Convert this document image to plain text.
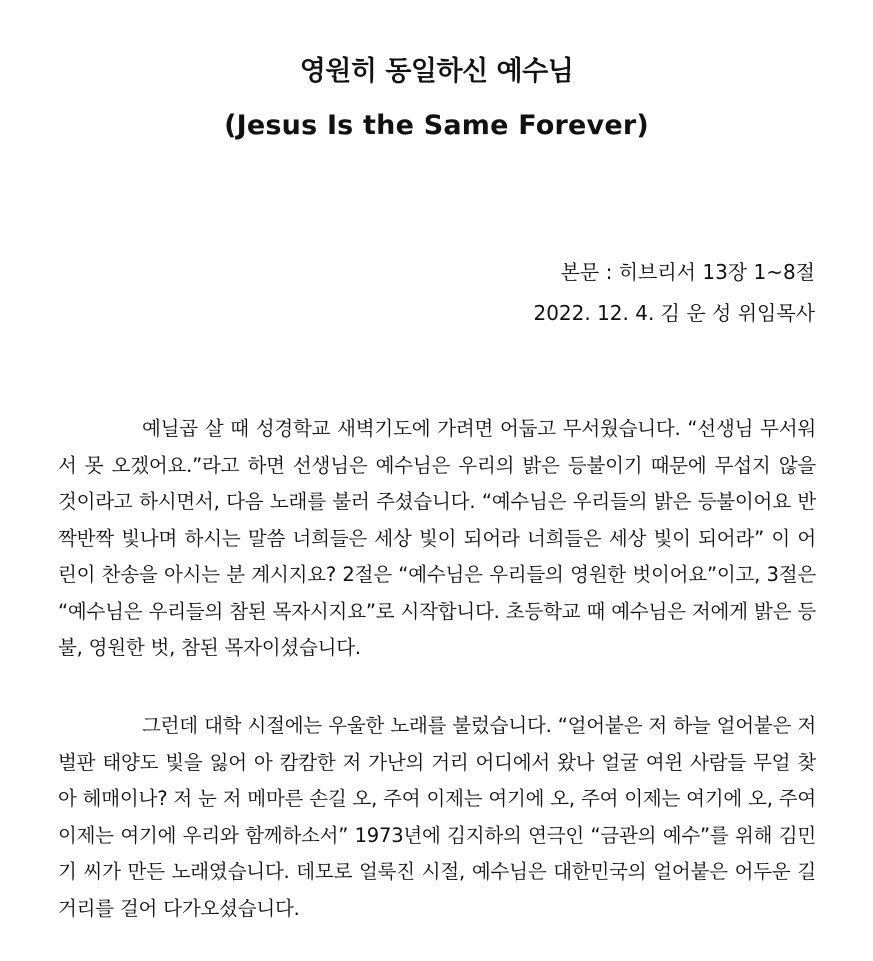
영원히 동일하신 예수님
(Jesus Is the Same Forever)
본문 : 히브리서 13장 1~8절
2022. 12. 4. 김 운 성 위임목사

예닐곱 살 때 성경학교 새벽기도에 가려면 어둡고 무서웠습니다. “선생님 무서워서 못 오겠어요.”라고 하면 선생님은 예수님은 우리의 밝은 등불이기 때문에 무섭지 않을 것이라고 하시면서, 다음 노래를 불러 주셨습니다. “예수님은 우리들의 밝은 등불이어요 반짝반짝 빛나며 하시는 말씀 너희들은 세상 빛이 되어라 너희들은 세상 빛이 되어라” 이 어린이 찬송을 아시는 분 계시지요? 2절은 “예수님은 우리들의 영원한 벗이어요”이고, 3절은 “예수님은 우리들의 참된 목자시지요”로 시작합니다. 초등학교 때 예수님은 저에게 밝은 등불, 영원한 벗, 참된 목자이셨습니다.

그런데 대학 시절에는 우울한 노래를 불렀습니다. “얼어붙은 저 하늘 얼어붙은 저 벌판 태양도 빛을 잃어 아 캄캄한 저 가난의 거리 어디에서 왔나 얼굴 여윈 사람들 무얼 찾아 헤매이나? 저 눈 저 메마른 손길 오, 주여 이제는 여기에 오, 주여 이제는 여기에 오, 주여 이제는 여기에 우리와 함께하소서” 1973년에 김지하의 연극인 “금관의 예수”를 위해 김민기 씨가 만든 노래였습니다. 데모로 얼룩진 시절, 예수님은 대한민국의 얼어붙은 어두운 길거리를 걸어 다가오셨습니다.
